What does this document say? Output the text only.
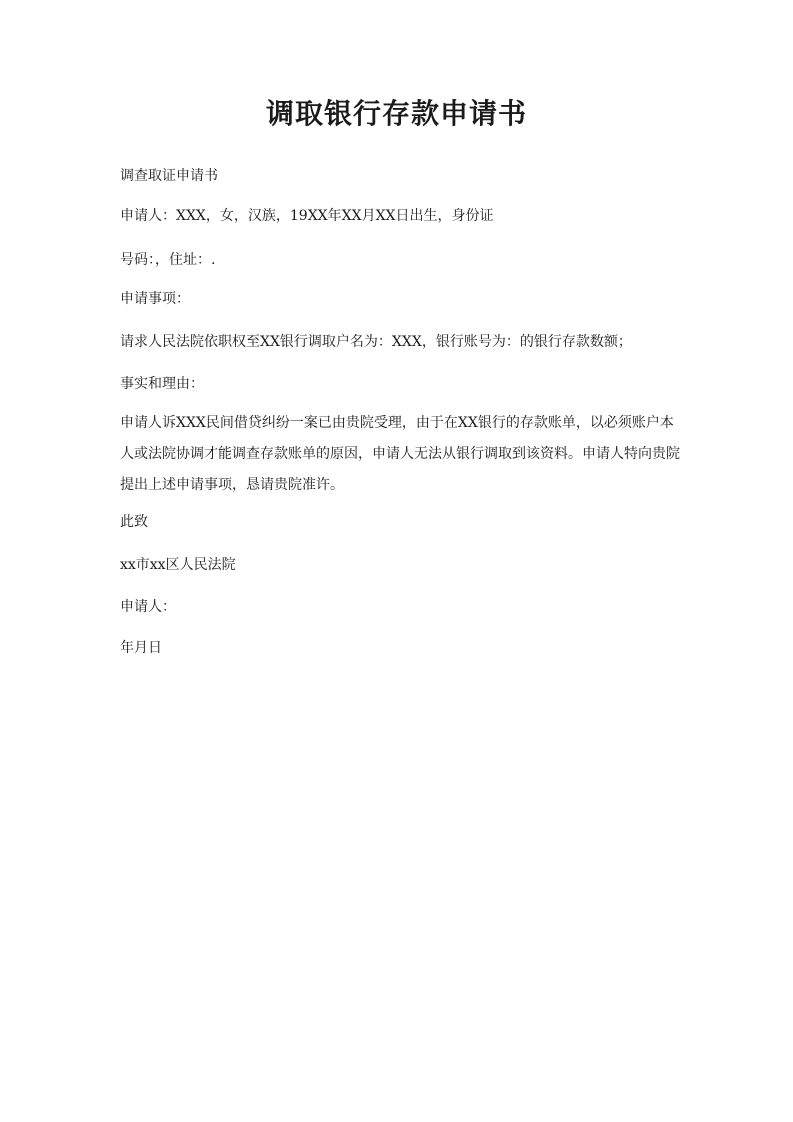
调取银行存款申请书

调查取证申请书

申请人：XXX，女，汉族，19XX年XX月XX日出生，身份证

号码：，住址：.

申请事项：

请求人民法院依职权至XX银行调取户名为：XXX，银行账号为：的银行存款数额；

事实和理由：

申请人诉XXX民间借贷纠纷一案已由贵院受理，由于在XX银行的存款账单，以必须账户本人或法院协调才能调查存款账单的原因，申请人无法从银行调取到该资料。申请人特向贵院提出上述申请事项，恳请贵院准许。

此致

xx市xx区人民法院

申请人：

年月日
